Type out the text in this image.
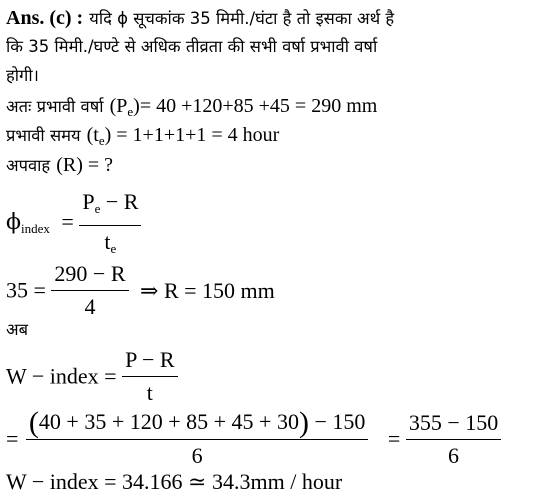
Ans. (c) : यदि ϕ सूचकांक 35 मिमी./घंटा है तो इसका अर्थ है
कि 35 मिमी./घण्टे से अधिक तीव्रता की सभी वर्षा प्रभावी वर्षा
होगी।
अतः प्रभावी वर्षा $(P_e)= 40 +120+85 +45 = 290$ mm
प्रभावी समय $(t_e) = 1+1+1+1 = 4$ hour
अपवाह (R) = ?
$\phi_{index} = \frac{P_e - R}{t_e}$
$35 = \frac{290 - R}{4}$ ⇒ R = 150 mm
अब
W − index = $\frac{P - R}{t}$
= $\frac{(40 + 35 + 120 + 85 + 45 + 30) - 150}{6} = \frac{355 - 150}{6}$
W − index = 34.166 ≃ 34.3mm / hour
